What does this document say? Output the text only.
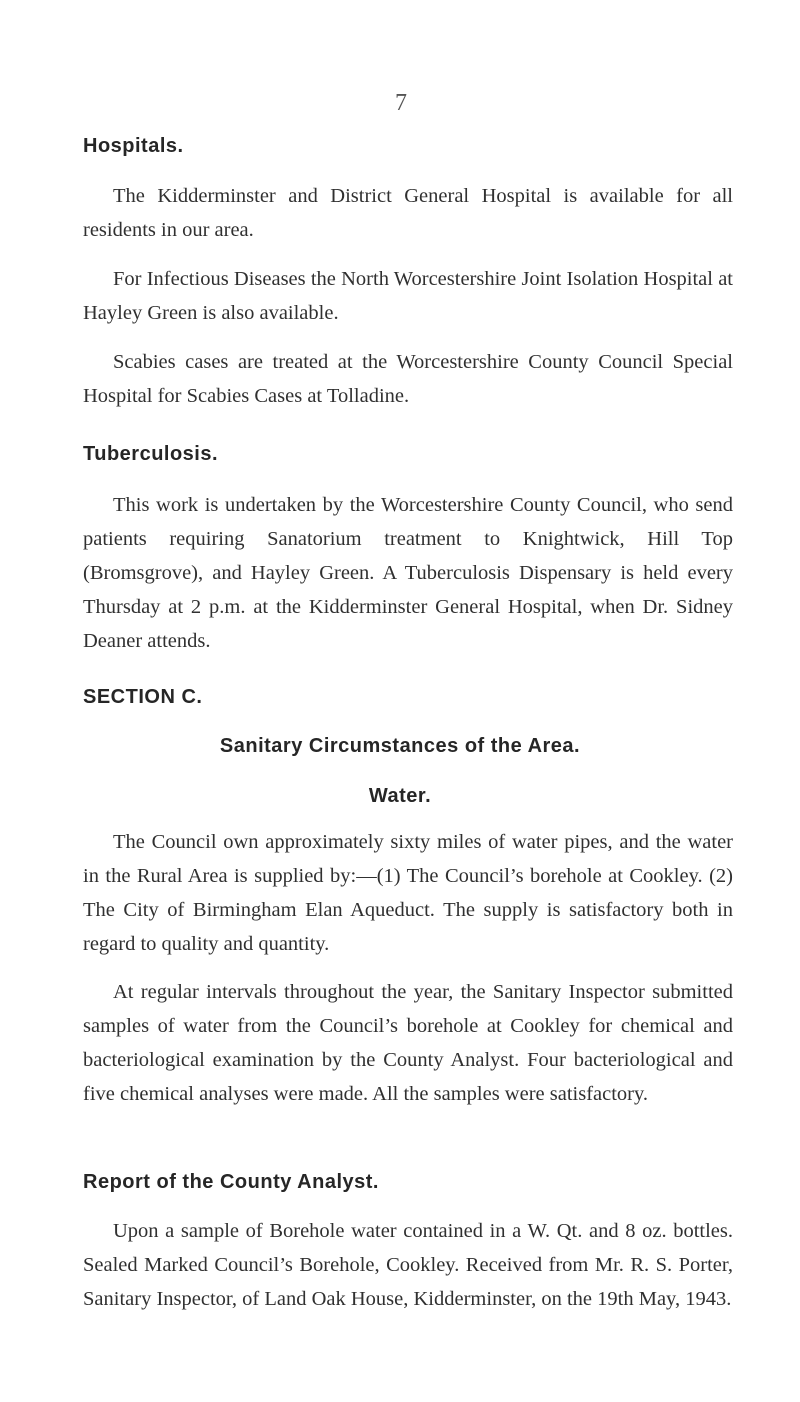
7
Hospitals.

The Kidderminster and District General Hospital is available for all residents in our area.

For Infectious Diseases the North Worcestershire Joint Isolation Hospital at Hayley Green is also available.

Scabies cases are treated at the Worcestershire County Council Special Hospital for Scabies Cases at Tolladine.

Tuberculosis.

This work is undertaken by the Worcestershire County Council, who send patients requiring Sanatorium treatment to Knightwick, Hill Top (Bromsgrove), and Hayley Green. A Tuberculosis Dispensary is held every Thursday at 2 p.m. at the Kidderminster General Hospital, when Dr. Sidney Deaner attends.

SECTION C.
Sanitary Circumstances of the Area.
Water.

The Council own approximately sixty miles of water pipes, and the water in the Rural Area is supplied by:—(1) The Council’s borehole at Cookley. (2) The City of Birmingham Elan Aqueduct. The supply is satisfactory both in regard to quality and quantity.

At regular intervals throughout the year, the Sanitary Inspector submitted samples of water from the Council’s borehole at Cookley for chemical and bacteriological examination by the County Analyst. Four bacteriological and five chemical analyses were made. All the samples were satisfactory.

Report of the County Analyst.

Upon a sample of Borehole water contained in a W. Qt. and 8 oz. bottles. Sealed Marked Council’s Borehole, Cookley. Received from Mr. R. S. Porter, Sanitary Inspector, of Land Oak House, Kidderminster, on the 19th May, 1943.
